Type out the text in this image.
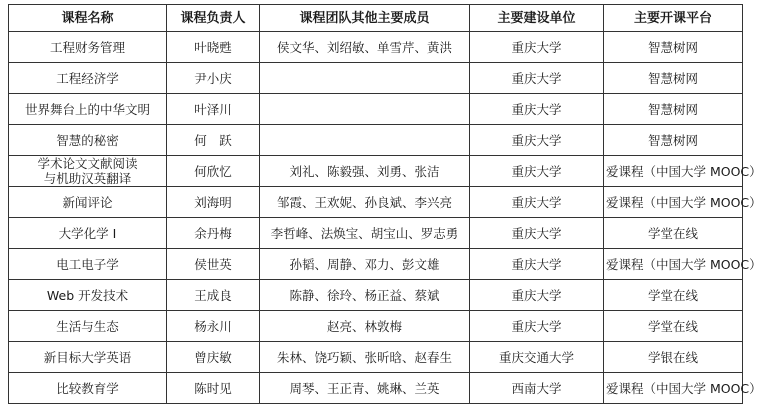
课程名称	课程负责人	课程团队其他主要成员	主要建设单位	主要开课平台
工程财务管理	叶晓甦	侯文华、刘绍敏、单雪芹、黄洪	重庆大学	智慧树网
工程经济学	尹小庆		重庆大学	智慧树网
世界舞台上的中华文明	叶泽川		重庆大学	智慧树网
智慧的秘密	何　跃		重庆大学	智慧树网
学术论文文献阅读
与机助汉英翻译	何欣忆	刘礼、陈毅强、刘勇、张洁	重庆大学	爱课程（中国大学 MOOC）
新闻评论	刘海明	邹霞、王欢妮、孙良斌、李兴亮	重庆大学	爱课程（中国大学 MOOC）
大学化学 I	余丹梅	李哲峰、法焕宝、胡宝山、罗志勇	重庆大学	学堂在线
电工电子学	侯世英	孙韬、周静、邓力、彭文雄	重庆大学	爱课程（中国大学 MOOC）
Web 开发技术	王成良	陈静、徐玲、杨正益、蔡斌	重庆大学	学堂在线
生活与生态	杨永川	赵亮、林敦梅	重庆大学	学堂在线
新目标大学英语	曾庆敏	朱林、饶巧颖、张昕晗、赵春生	重庆交通大学	学银在线
比较教育学	陈时见	周琴、王正青、姚琳、兰英	西南大学	爱课程（中国大学 MOOC）
